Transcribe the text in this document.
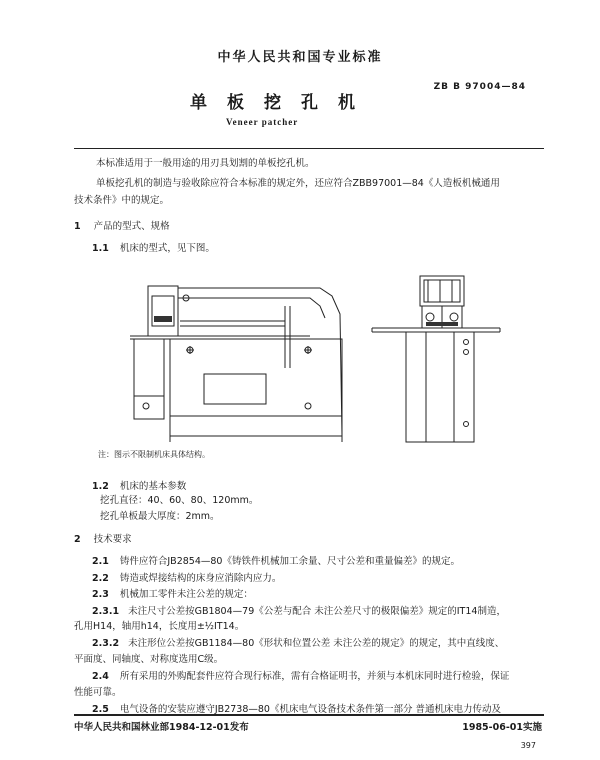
中华人民共和国专业标准
ZB B 97004—84
单板挖孔机
Veneer patcher
本标准适用于一般用途的用刃具划割的单板挖孔机。
单板挖孔机的制造与验收除应符合本标准的规定外，还应符合ZBB97001—84《人造板机械通用
技术条件》中的规定。
1 产品的型式、规格
1.1 机床的型式，见下图。
注：图示不限制机床具体结构。
1.2 机床的基本参数
挖孔直径：40、60、80、120mm。
挖孔单板最大厚度：2mm。
2 技术要求
2.1 铸件应符合JB2854—80《铸铁件机械加工余量、尺寸公差和重量偏差》的规定。
2.2 铸造或焊接结构的床身应消除内应力。
2.3 机械加工零件未注公差的规定：
2.3.1 未注尺寸公差按GB1804—79《公差与配合 未注公差尺寸的极限偏差》规定的IT14制造，
孔用H14，轴用h14，长度用±½IT14。
2.3.2 未注形位公差按GB1184—80《形状和位置公差 未注公差的规定》的规定，其中直线度、
平面度、同轴度、对称度选用C级。
2.4 所有采用的外购配套件应符合现行标准，需有合格证明书，并须与本机床同时进行检验，保证
性能可靠。
2.5 电气设备的安装应遵守JB2738—80《机床电气设备技术条件第一部分 普通机床电力传动及
中华人民共和国林业部1984-12-01发布	1985-06-01实施
397
